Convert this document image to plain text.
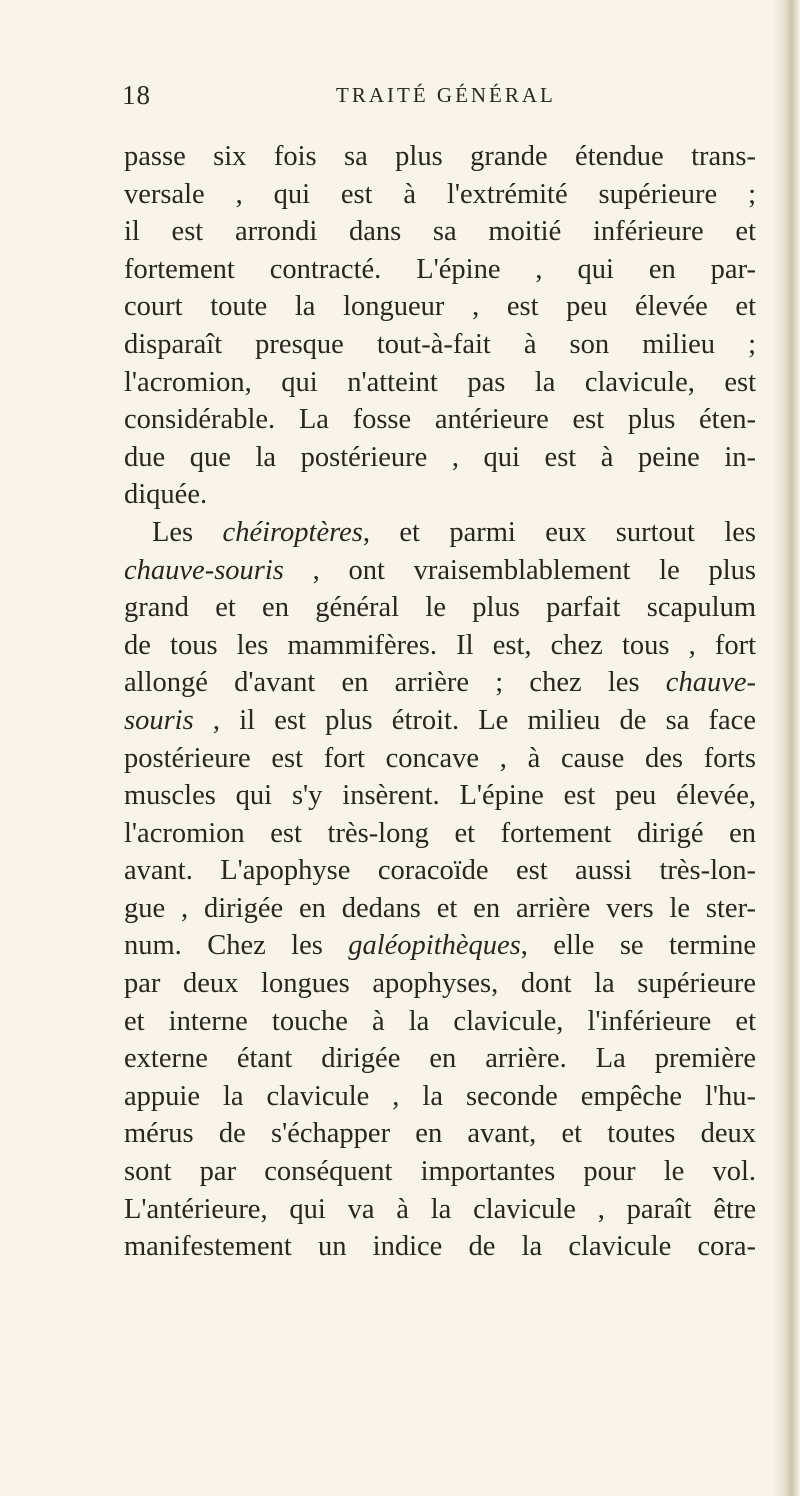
18	TRAITÉ GÉNÉRAL
passe six fois sa plus grande étendue trans-
versale , qui est à l'extrémité supérieure ;
il est arrondi dans sa moitié inférieure et
fortement contracté. L'épine , qui en par-
court toute la longueur , est peu élevée et
disparaît presque tout-à-fait à son milieu ;
l'acromion, qui n'atteint pas la clavicule, est
considérable. La fosse antérieure est plus éten-
due que la postérieure , qui est à peine in-
diquée.
Les chéiroptères, et parmi eux surtout les
chauve-souris , ont vraisemblablement le plus
grand et en général le plus parfait scapulum
de tous les mammifères. Il est, chez tous , fort
allongé d'avant en arrière ; chez les chauve-
souris , il est plus étroit. Le milieu de sa face
postérieure est fort concave , à cause des forts
muscles qui s'y insèrent. L'épine est peu élevée,
l'acromion est très-long et fortement dirigé en
avant. L'apophyse coracoïde est aussi très-lon-
gue , dirigée en dedans et en arrière vers le ster-
num. Chez les galéopithèques, elle se termine
par deux longues apophyses, dont la supérieure
et interne touche à la clavicule, l'inférieure et
externe étant dirigée en arrière. La première
appuie la clavicule , la seconde empêche l'hu-
mérus de s'échapper en avant, et toutes deux
sont par conséquent importantes pour le vol.
L'antérieure, qui va à la clavicule , paraît être
manifestement un indice de la clavicule cora-
